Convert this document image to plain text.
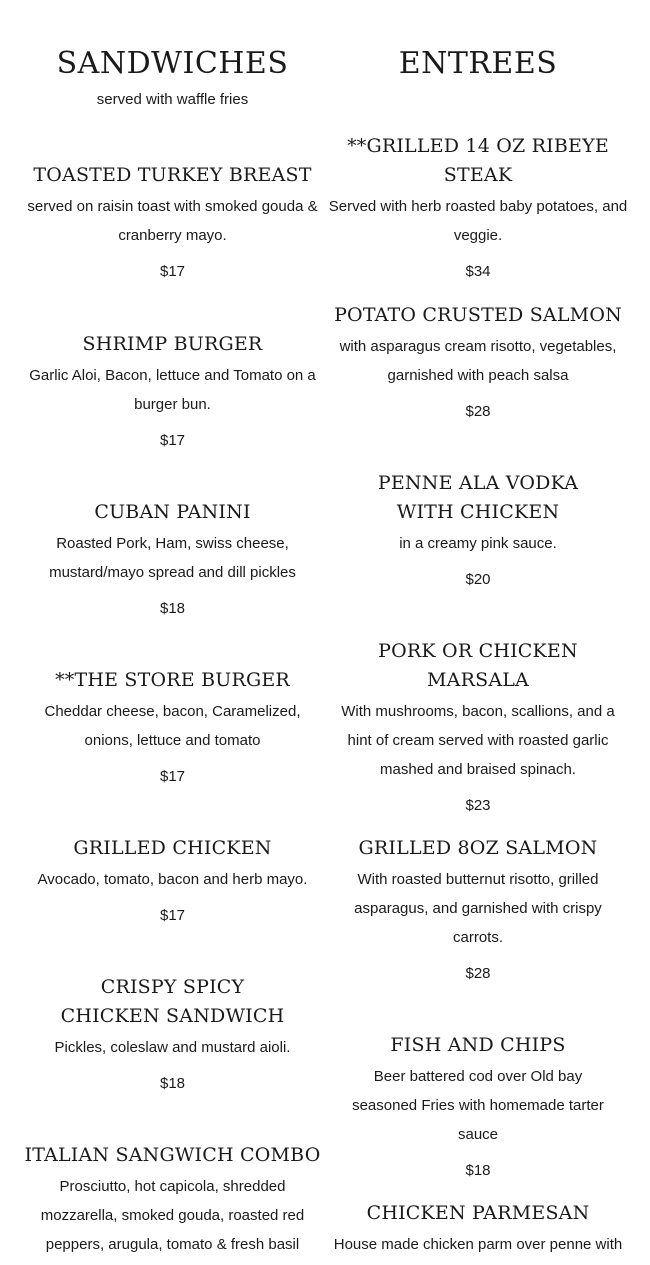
SANDWICHES
served with waffle fries
TOASTED TURKEY BREAST
served on raisin toast with smoked gouda & cranberry mayo.
$17
SHRIMP BURGER
Garlic Aloi, Bacon, lettuce and Tomato on a burger bun.
$17
CUBAN PANINI
Roasted Pork, Ham, swiss cheese, mustard/mayo spread and dill pickles
$18
**THE STORE BURGER
Cheddar cheese, bacon, Caramelized, onions, lettuce and tomato
$17
GRILLED CHICKEN
Avocado, tomato, bacon and herb mayo.
$17
CRISPY SPICY CHICKEN SANDWICH
Pickles, coleslaw and mustard aioli.
$18
ITALIAN SANGWICH COMBO
Prosciutto, hot capicola, shredded mozzarella, smoked gouda, roasted red peppers, arugula, tomato & fresh basil
ENTREES
**GRILLED 14 OZ RIBEYE STEAK
Served with herb roasted baby potatoes, and veggie.
$34
POTATO CRUSTED SALMON
with asparagus cream risotto, vegetables, garnished with peach salsa
$28
PENNE ALA VODKA WITH CHICKEN
in a creamy pink sauce.
$20
PORK OR CHICKEN MARSALA
With mushrooms, bacon, scallions, and a hint of cream served with roasted garlic mashed and braised spinach.
$23
GRILLED 8OZ SALMON
With roasted butternut risotto, grilled asparagus, and garnished with crispy carrots.
$28
FISH AND CHIPS
Beer battered cod over Old bay seasoned Fries with homemade tarter sauce
$18
CHICKEN PARMESAN
House made chicken parm over penne with
